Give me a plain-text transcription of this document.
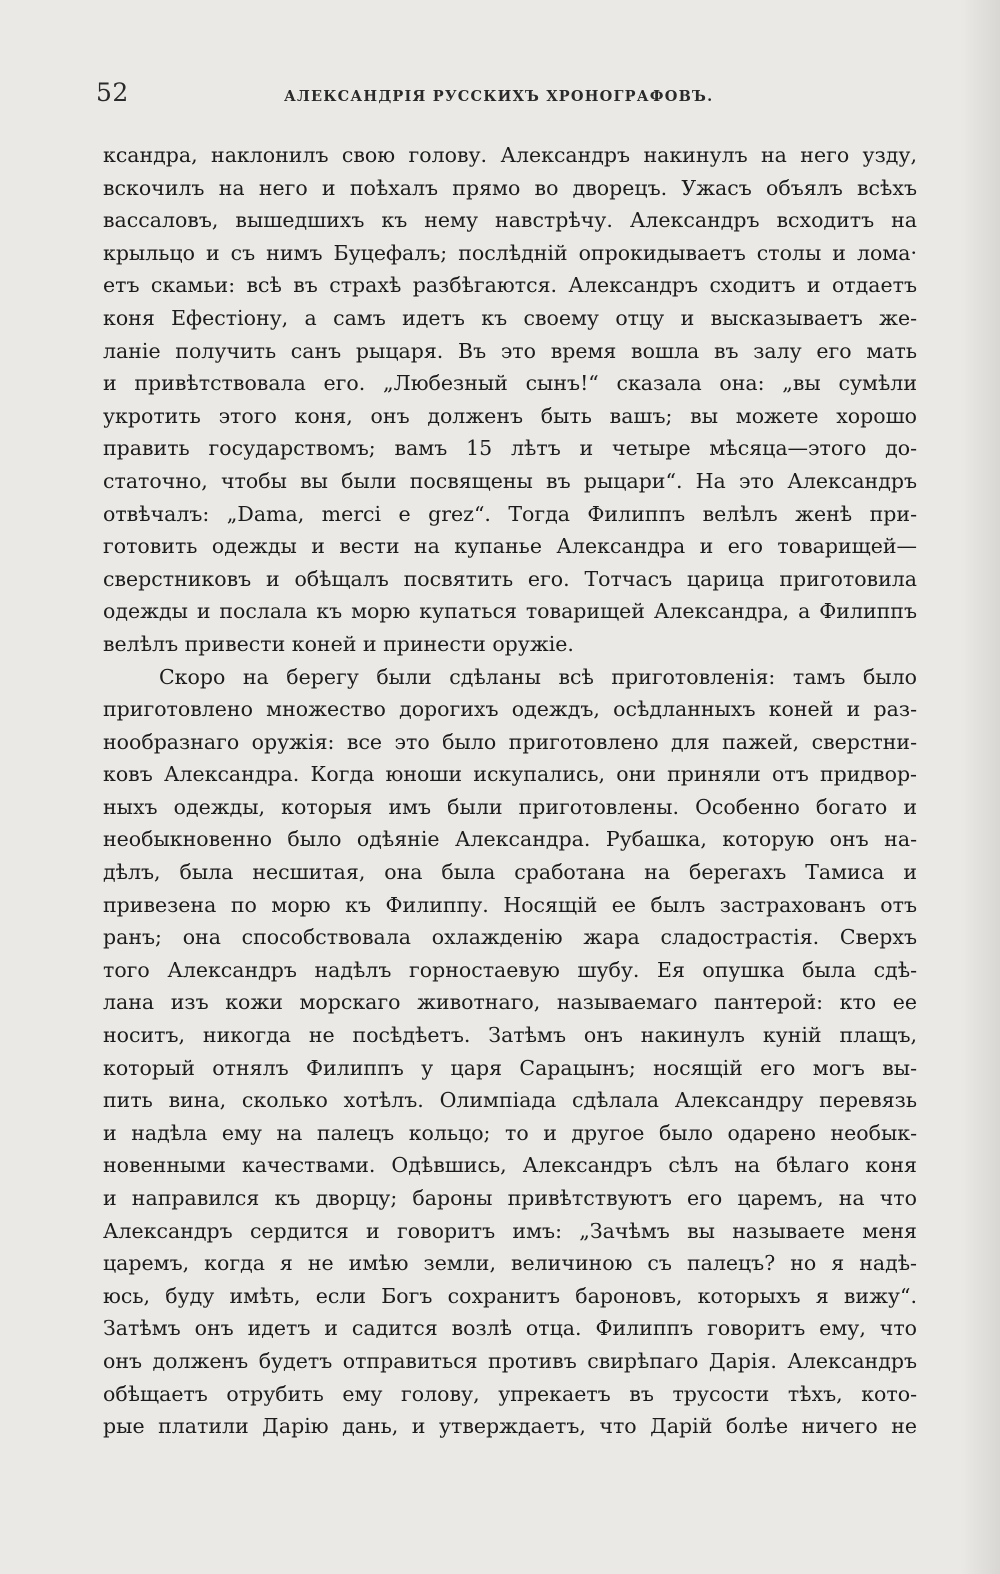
52	АЛЕКСАНДРІЯ РУССКИХЪ ХРОНОГРАФОВЪ.
ксандра, наклонилъ свою голову. Александръ накинулъ на него узду,
вскочилъ на него и поѣхалъ прямо во дворецъ. Ужасъ объялъ всѣхъ
вассаловъ, вышедшихъ къ нему навстрѣчу. Александръ всходитъ на
крыльцо и съ нимъ Буцефалъ; послѣдній опрокидываетъ столы и лома·
етъ скамьи: всѣ въ страхѣ разбѣгаются. Александръ сходитъ и отдаетъ
коня Ефестіону, а самъ идетъ къ своему отцу и высказываетъ же-
ланіе получить санъ рыцаря. Въ это время вошла въ залу его мать
и привѣтствовала его. „Любезный сынъ!“ сказала она: „вы сумѣли
укротить этого коня, онъ долженъ быть вашъ; вы можете хорошо
править государствомъ; вамъ 15 лѣтъ и четыре мѣсяца—этого до-
статочно, чтобы вы были посвящены въ рыцари“. На это Александръ
отвѣчалъ: „Dama, merci e grez“. Тогда Филиппъ велѣлъ женѣ при-
готовить одежды и вести на купанье Александра и его товарищей—
сверстниковъ и обѣщалъ посвятить его. Тотчасъ царица приготовила
одежды и послала къ морю купаться товарищей Александра, а Филиппъ
велѣлъ привести коней и принести оружіе.
Скоро на берегу были сдѣланы всѣ приготовленія: тамъ было
приготовлено множество дорогихъ одеждъ, осѣдланныхъ коней и раз-
нообразнаго оружія: все это было приготовлено для пажей, сверстни-
ковъ Александра. Когда юноши искупались, они приняли отъ придвор-
ныхъ одежды, которыя имъ были приготовлены. Особенно богато и
необыкновенно было одѣяніе Александра. Рубашка, которую онъ на-
дѣлъ, была несшитая, она была сработана на берегахъ Тамиса и
привезена по морю къ Филиппу. Носящій ее былъ застрахованъ отъ
ранъ; она способствовала охлажденію жара сладострастія. Сверхъ
того Александръ надѣлъ горностаевую шубу. Ея опушка была сдѣ-
лана изъ кожи морскаго животнаго, называемаго пантерой: кто ее
носитъ, никогда не посѣдѣетъ. Затѣмъ онъ накинулъ куній плащъ,
который отнялъ Филиппъ у царя Сарацынъ; носящій его могъ вы-
пить вина, сколько хотѣлъ. Олимпіада сдѣлала Александру перевязь
и надѣла ему на палецъ кольцо; то и другое было одарено необык-
новенными качествами. Одѣвшись, Александръ сѣлъ на бѣлаго коня
и направился къ дворцу; бароны привѣтствуютъ его царемъ, на что
Александръ сердится и говоритъ имъ: „Зачѣмъ вы называете меня
царемъ, когда я не имѣю земли, величиною съ палецъ? но я надѣ-
юсь, буду имѣть, если Богъ сохранитъ бароновъ, которыхъ я вижу“.
Затѣмъ онъ идетъ и садится возлѣ отца. Филиппъ говоритъ ему, что
онъ долженъ будетъ отправиться противъ свирѣпаго Дарія. Александръ
обѣщаетъ отрубить ему голову, упрекаетъ въ трусости тѣхъ, кото-
рые платили Дарію дань, и утверждаетъ, что Дарій болѣе ничего не
